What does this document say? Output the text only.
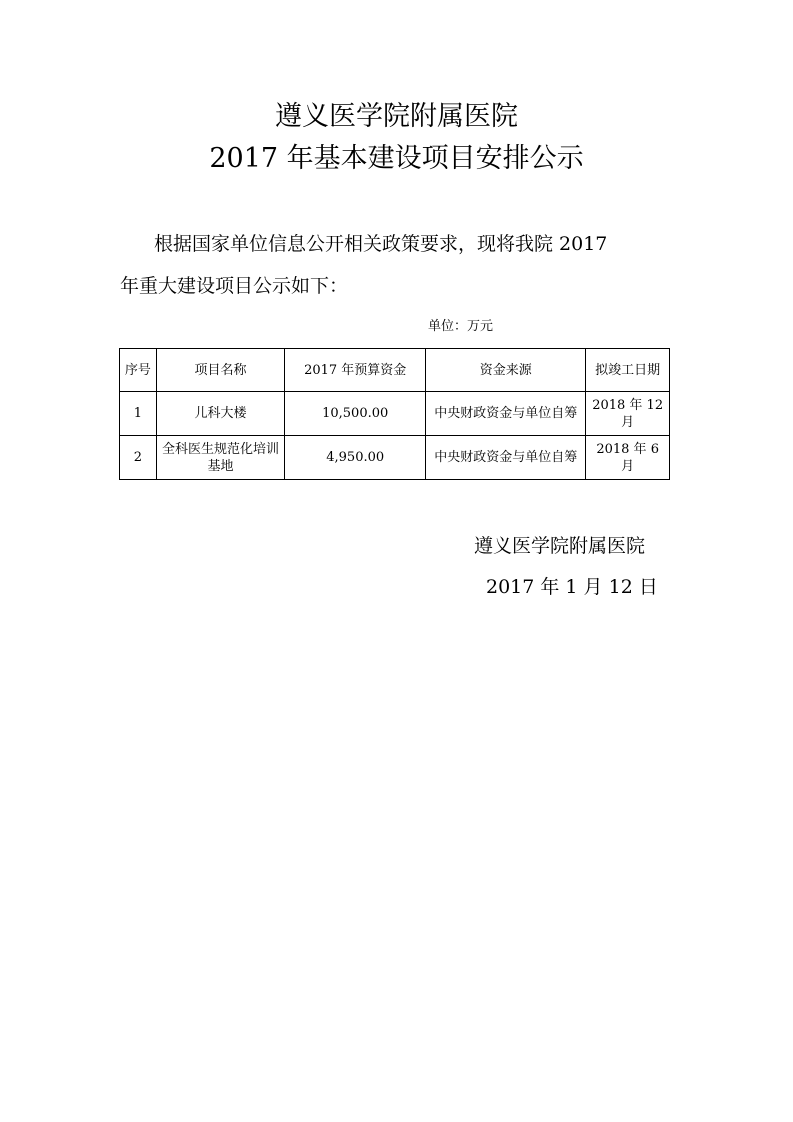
遵义医学院附属医院
2017 年基本建设项目安排公示
根据国家单位信息公开相关政策要求，现将我院 2017
年重大建设项目公示如下：
单位：万元
序号	项目名称	2017 年预算资金	资金来源	拟竣工日期
1	儿科大楼	10,500.00	中央财政资金与单位自筹	2018 年 12 月
2	全科医生规范化培训基地	4,950.00	中央财政资金与单位自筹	2018 年 6 月
遵义医学院附属医院
2017 年 1 月 12 日
